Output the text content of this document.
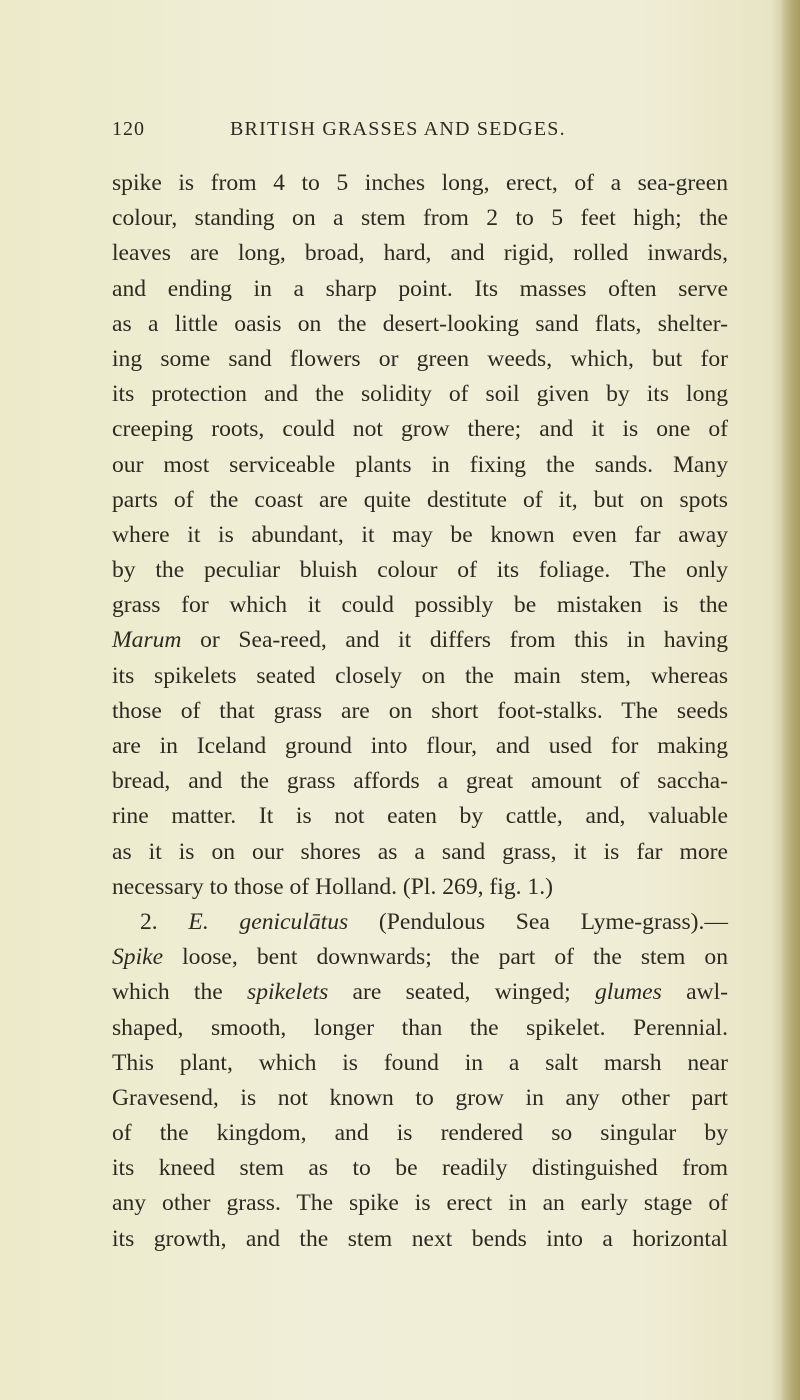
120	BRITISH GRASSES AND SEDGES.
spike is from 4 to 5 inches long, erect, of a sea-green
colour, standing on a stem from 2 to 5 feet high; the
leaves are long, broad, hard, and rigid, rolled inwards,
and ending in a sharp point. Its masses often serve
as a little oasis on the desert-looking sand flats, shelter-
ing some sand flowers or green weeds, which, but for
its protection and the solidity of soil given by its long
creeping roots, could not grow there; and it is one of
our most serviceable plants in fixing the sands. Many
parts of the coast are quite destitute of it, but on spots
where it is abundant, it may be known even far away
by the peculiar bluish colour of its foliage. The only
grass for which it could possibly be mistaken is the
Marum or Sea-reed, and it differs from this in having
its spikelets seated closely on the main stem, whereas
those of that grass are on short foot-stalks. The seeds
are in Iceland ground into flour, and used for making
bread, and the grass affords a great amount of saccha-
rine matter. It is not eaten by cattle, and, valuable
as it is on our shores as a sand grass, it is far more
necessary to those of Holland. (Pl. 269, fig. 1.)
2. E. geniculātus (Pendulous Sea Lyme-grass).—
Spike loose, bent downwards; the part of the stem on
which the spikelets are seated, winged; glumes awl-
shaped, smooth, longer than the spikelet. Perennial.
This plant, which is found in a salt marsh near
Gravesend, is not known to grow in any other part
of the kingdom, and is rendered so singular by
its kneed stem as to be readily distinguished from
any other grass. The spike is erect in an early stage of
its growth, and the stem next bends into a horizontal
